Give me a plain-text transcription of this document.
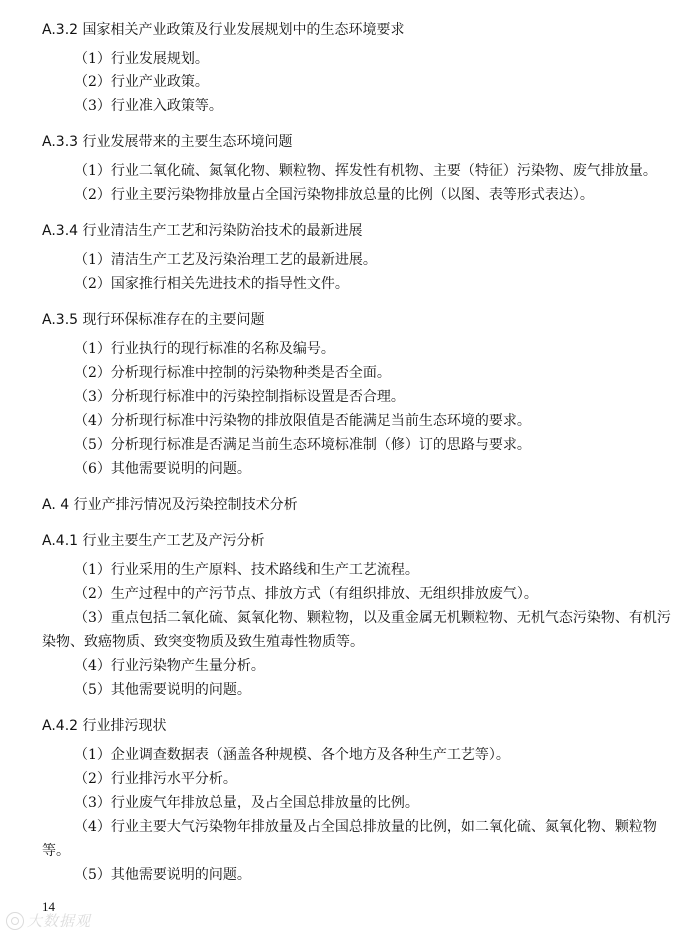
A.3.2 国家相关产业政策及行业发展规划中的生态环境要求

（1）行业发展规划。

（2）行业产业政策。

（3）行业准入政策等。

A.3.3 行业发展带来的主要生态环境问题

（1）行业二氧化硫、氮氧化物、颗粒物、挥发性有机物、主要（特征）污染物、废气排放量。

（2）行业主要污染物排放量占全国污染物排放总量的比例（以图、表等形式表达）。

A.3.4 行业清洁生产工艺和污染防治技术的最新进展

（1）清洁生产工艺及污染治理工艺的最新进展。

（2）国家推行相关先进技术的指导性文件。

A.3.5 现行环保标准存在的主要问题

（1）行业执行的现行标准的名称及编号。

（2）分析现行标准中控制的污染物种类是否全面。

（3）分析现行标准中的污染控制指标设置是否合理。

（4）分析现行标准中污染物的排放限值是否能满足当前生态环境的要求。

（5）分析现行标准是否满足当前生态环境标准制（修）订的思路与要求。

（6）其他需要说明的问题。

A. 4 行业产排污情况及污染控制技术分析
A.4.1 行业主要生产工艺及产污分析

（1）行业采用的生产原料、技术路线和生产工艺流程。

（2）生产过程中的产污节点、排放方式（有组织排放、无组织排放废气）。

（3）重点包括二氧化硫、氮氧化物、颗粒物，以及重金属无机颗粒物、无机气态污染物、有机污

染物、致癌物质、致突变物质及致生殖毒性物质等。

（4）行业污染物产生量分析。

（5）其他需要说明的问题。

A.4.2 行业排污现状

（1）企业调查数据表（涵盖各种规模、各个地方及各种生产工艺等）。

（2）行业排污水平分析。

（3）行业废气年排放总量，及占全国总排放量的比例。

（4）行业主要大气污染物年排放量及占全国总排放量的比例，如二氧化硫、氮氧化物、颗粒物

等。

（5）其他需要说明的问题。

14
大数据观
